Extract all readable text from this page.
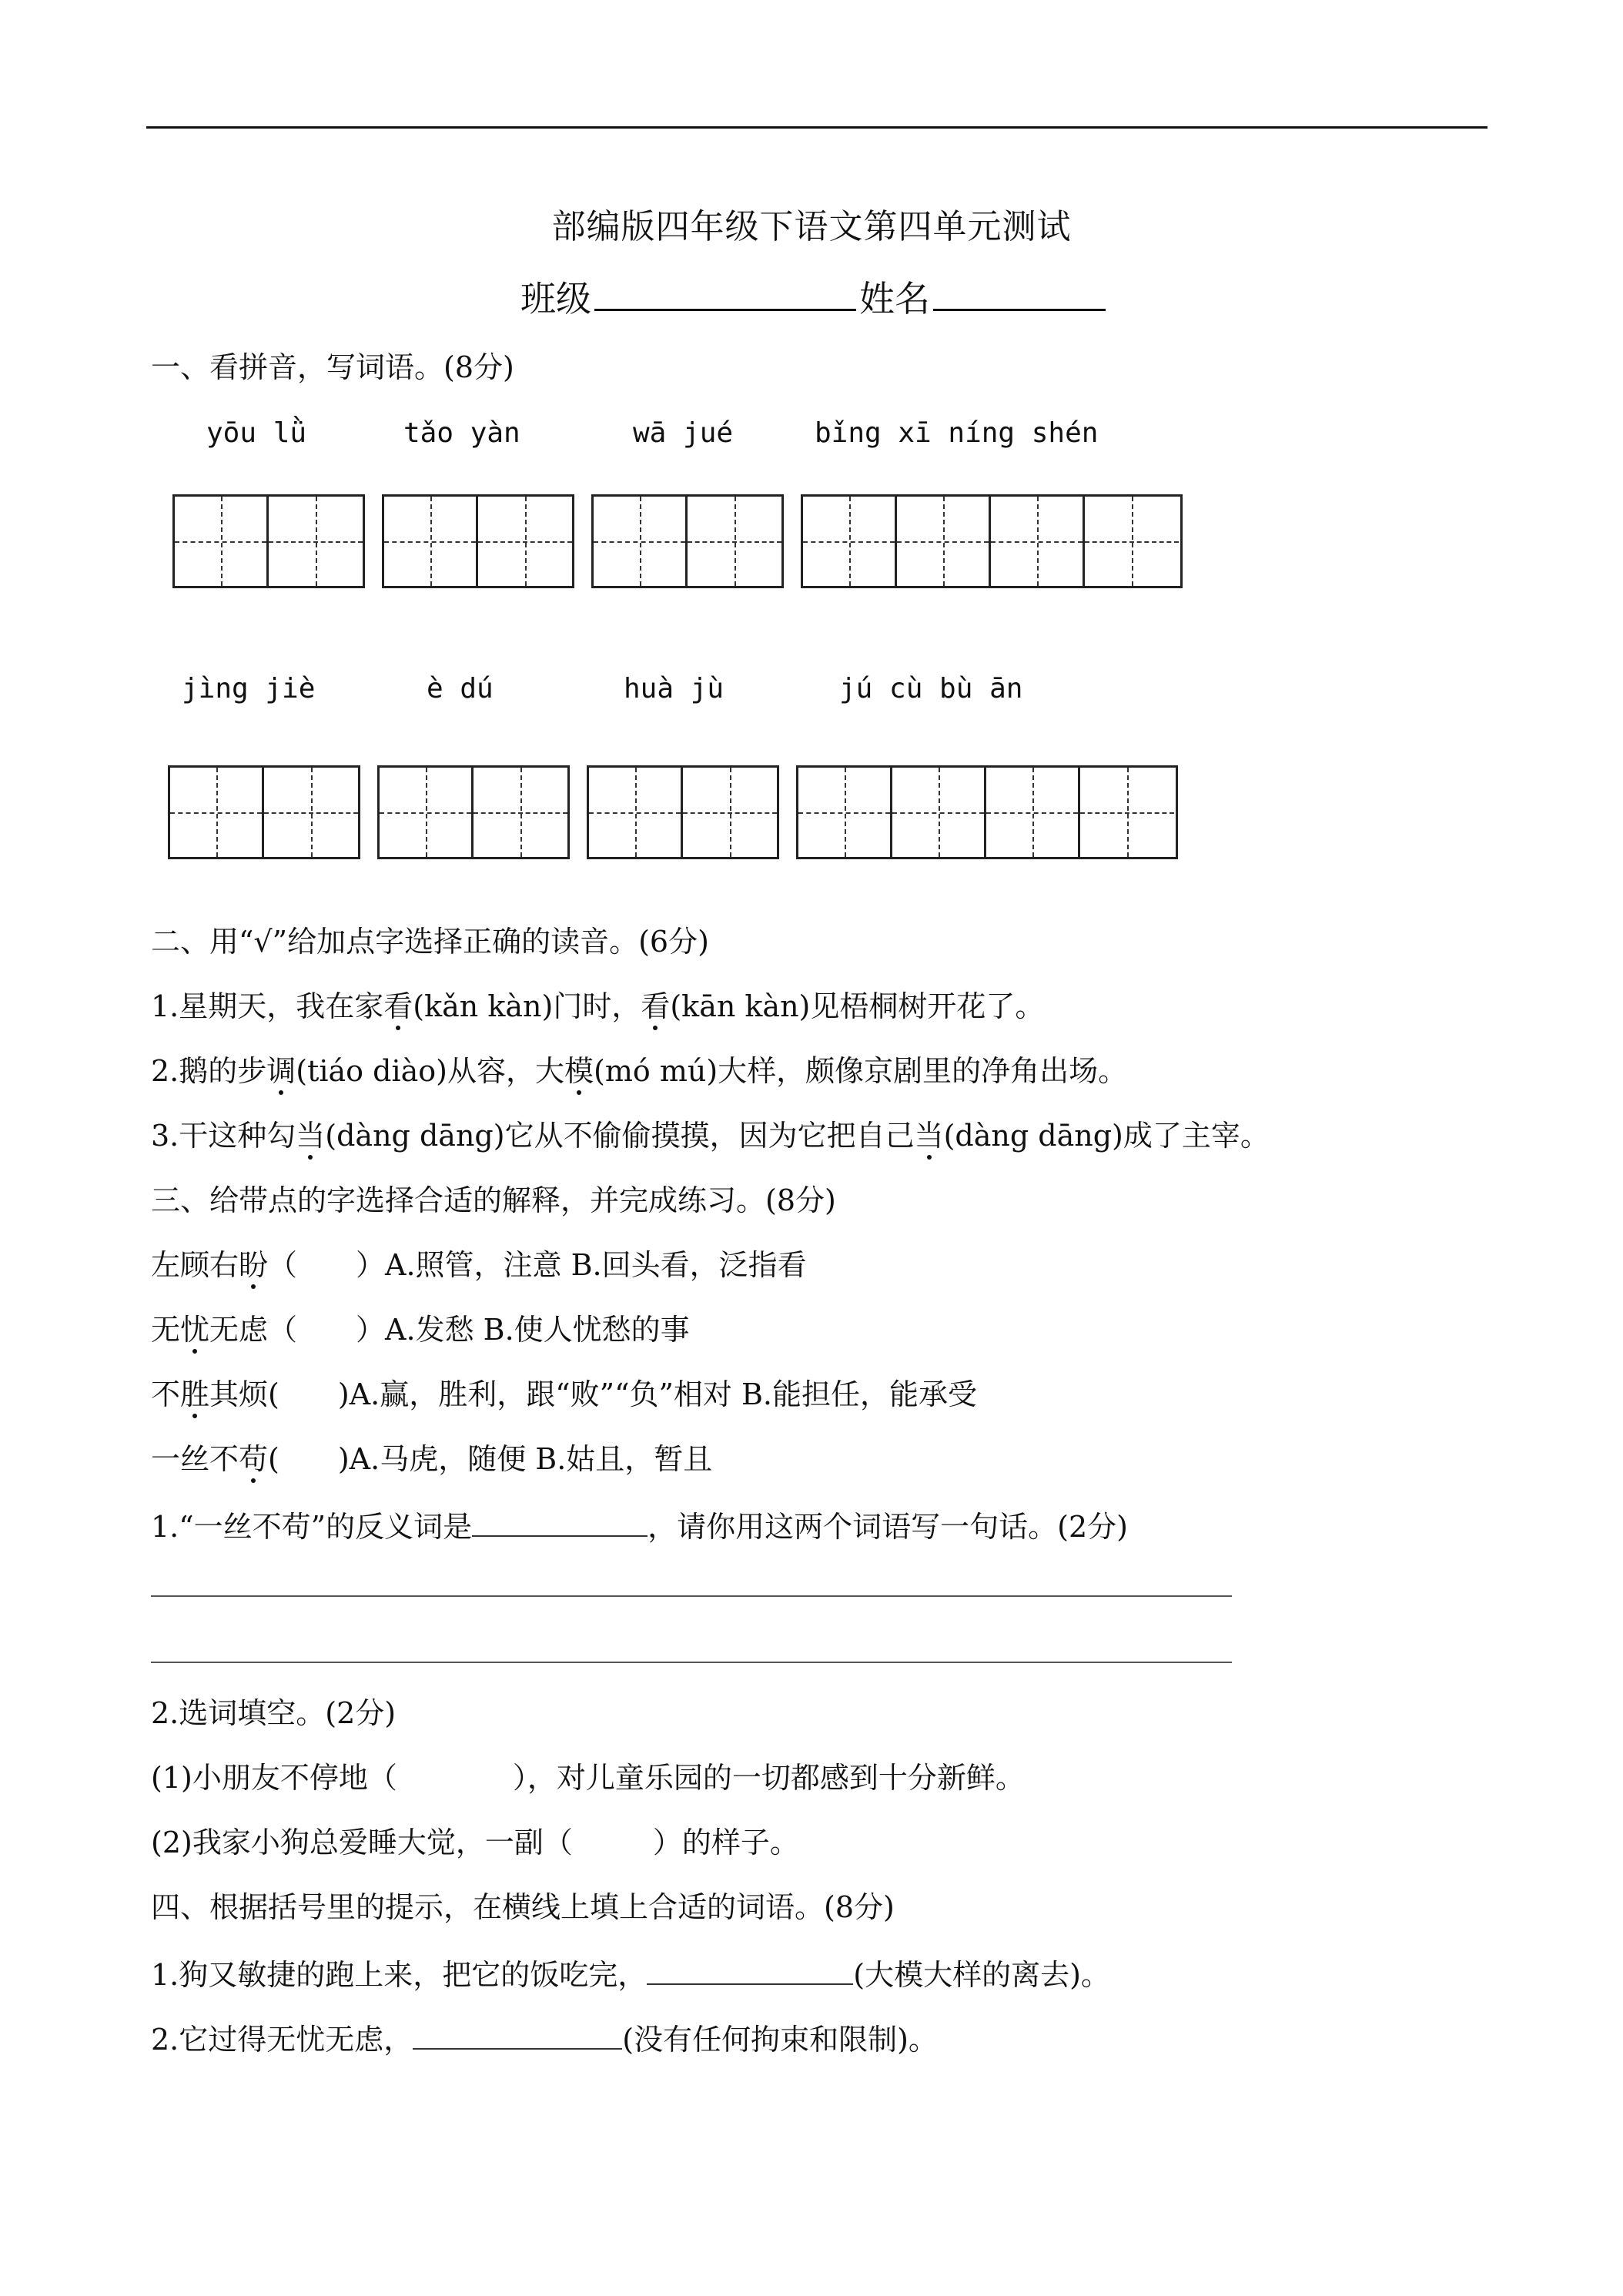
部编版四年级下语文第四单元测试
班级	姓名
一、看拼音，写词语。(8分)
yōu lǜ	tǎo yàn	wā jué	bǐng xī níng shén
jìng jiè	è dú	huà jù	jú cù bù ān
二、用“√”给加点字选择正确的读音。(6分)
1.星期天，我在家看(kǎn kàn)门时，看(kān kàn)见梧桐树开花了。
2.鹅的步调(tiáo diào)从容，大模(mó mú)大样，颇像京剧里的净角出场。
3.干这种勾当(dàng dāng)它从不偷偷摸摸，因为它把自己当(dàng dāng)成了主宰。
三、给带点的字选择合适的解释，并完成练习。(8分)
左顾右盼（　　）A.照管，注意 B.回头看，泛指看
无忧无虑（　　）A.发愁 B.使人忧愁的事
不胜其烦(　　)A.赢，胜利，跟“败”“负”相对 B.能担任，能承受
一丝不苟(　　)A.马虎，随便 B.姑且，暂且
1.“一丝不苟”的反义词是	，请你用这两个词语写一句话。(2分)
2.选词填空。(2分)
(1)小朋友不停地（	），对儿童乐园的一切都感到十分新鲜。
(2)我家小狗总爱睡大觉，一副（	）的样子。
四、根据括号里的提示，在横线上填上合适的词语。(8分)
1.狗又敏捷的跑上来，把它的饭吃完，	(大模大样的离去)。
2.它过得无忧无虑，	(没有任何拘束和限制)。
